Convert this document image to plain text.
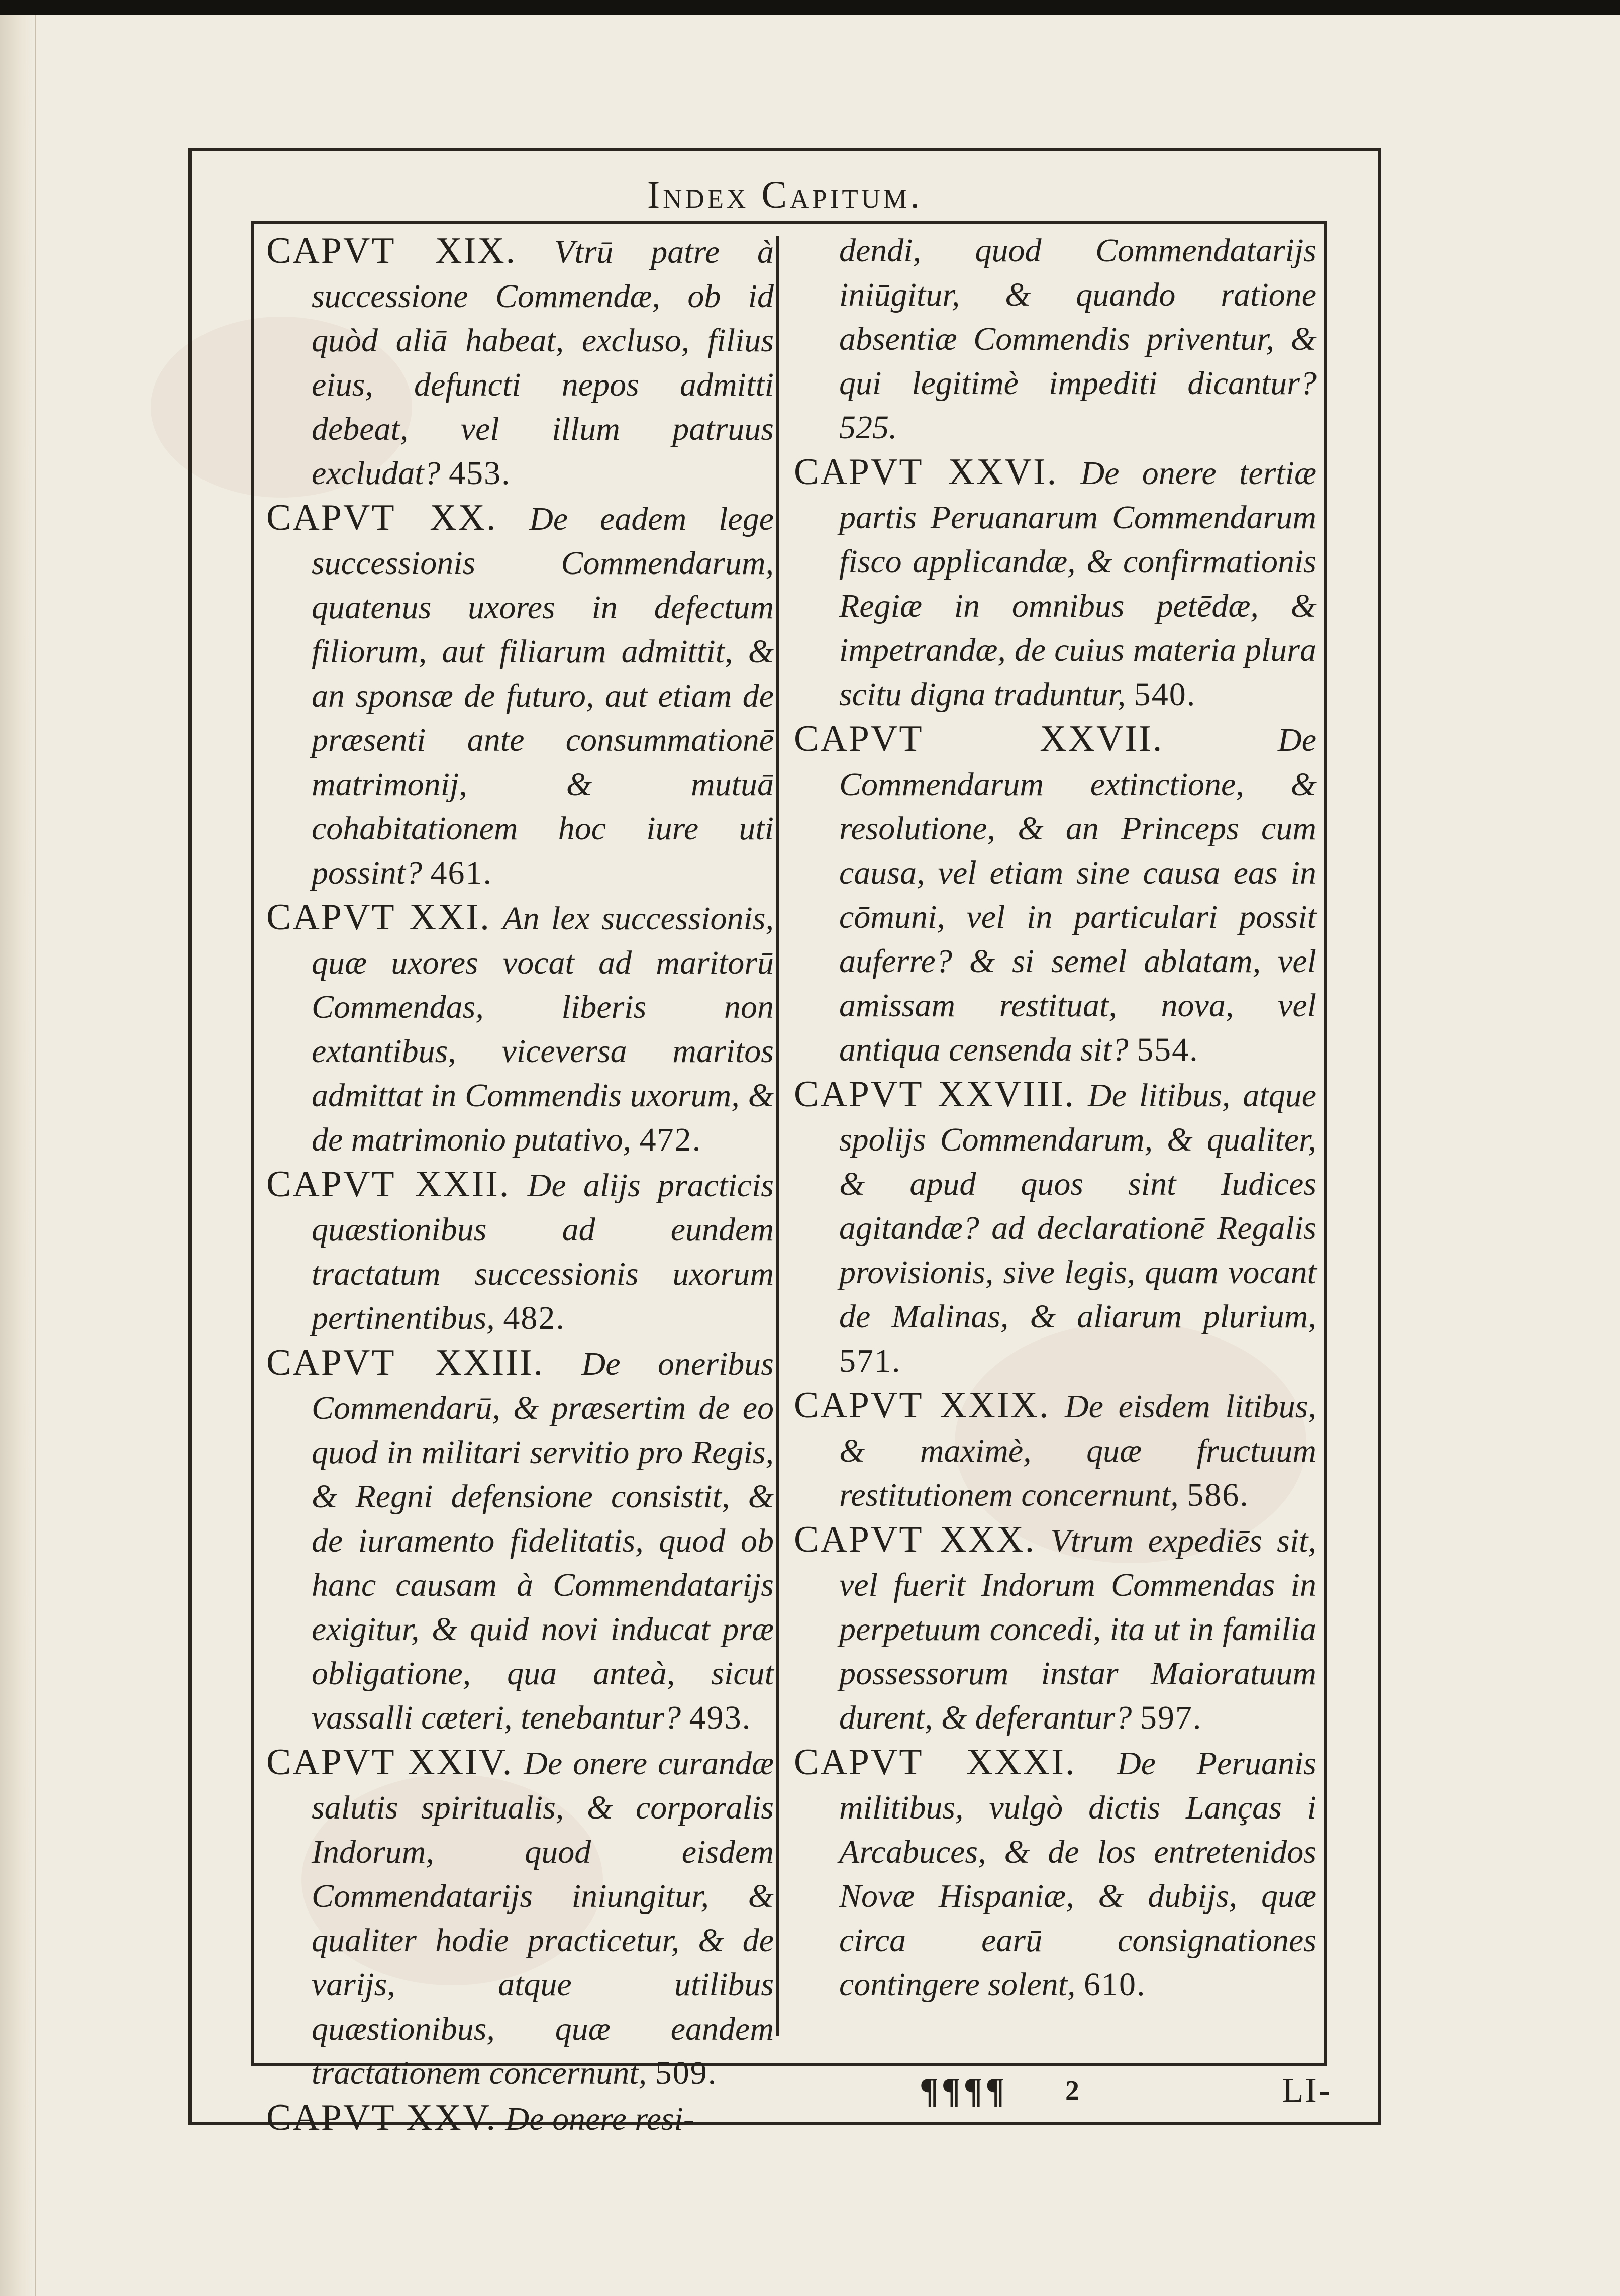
Index Capitum.

CAPVT XIX. Vtrū patre à successione Commendæ, ob id quòd aliā habeat, excluso, filius eius, defuncti nepos admitti debeat, vel illum patruus excludat? 453.

CAPVT XX. De eadem lege successionis Commendarum, quatenus uxores in defectum filiorum, aut filiarum admittit, & an sponsæ de futuro, aut etiam de præsenti ante consummationē matrimonij, & mutuā cohabitationem hoc iure uti possint? 461.

CAPVT XXI. An lex successionis, quæ uxores vocat ad maritorū Commendas, liberis non extantibus, viceversa maritos admittat in Commendis uxorum, & de matrimonio putativo, 472.

CAPVT XXII. De alijs practicis quæstionibus ad eundem tractatum successionis uxorum pertinentibus, 482.

CAPVT XXIII. De oneribus Commendarū, & præsertim de eo quod in militari servitio pro Regis, & Regni defensione consistit, & de iuramento fidelitatis, quod ob hanc causam à Commendatarijs exigitur, & quid novi inducat præ obligatione, qua anteà, sicut vassalli cæteri, tenebantur? 493.

CAPVT XXIV. De onere curandæ salutis spiritualis, & corporalis Indorum, quod eisdem Commendatarijs iniungitur, & qualiter hodie practicetur, & de varijs, atque utilibus quæstionibus, quæ eandem tractationem concernunt, 509.

CAPVT XXV. De onere resi-

dendi, quod Commendatarijs iniūgitur, & quando ratione absentiæ Commendis priventur, & qui legitimè impediti dicantur? 525.

CAPVT XXVI. De onere tertiæ partis Peruanarum Commendarum fisco applicandæ, & confirmationis Regiæ in omnibus petēdæ, & impetrandæ, de cuius materia plura scitu digna traduntur, 540.

CAPVT XXVII.	De Commendarum extinctione, & resolutione, & an Princeps cum causa, vel etiam sine causa eas in cōmuni, vel in particulari possit auferre? & si semel ablatam, vel amissam restituat, nova, vel antiqua censenda sit? 554.

CAPVT XXVIII. De litibus, atque spolijs Commendarum, & qualiter, & apud quos sint Iudices agitandæ? ad declarationē Regalis provisionis, sive legis, quam vocant de Malinas, & aliarum plurium, 571.

CAPVT XXIX. De eisdem litibus, & maximè, quæ fructuum restitutionem concernunt, 586.

CAPVT XXX. Vtrum expediēs sit, vel fuerit Indorum Commendas in perpetuum concedi, ita ut in familia possessorum instar Maioratuum durent, & deferantur? 597.

CAPVT XXXI. De Peruanis militibus, vulgò dictis Lanças i Arcabuces, & de los entretenidos Novæ Hispaniæ, & dubijs, quæ circa earū consignationes contingere solent, 610.

¶¶¶¶ 2	LI-
